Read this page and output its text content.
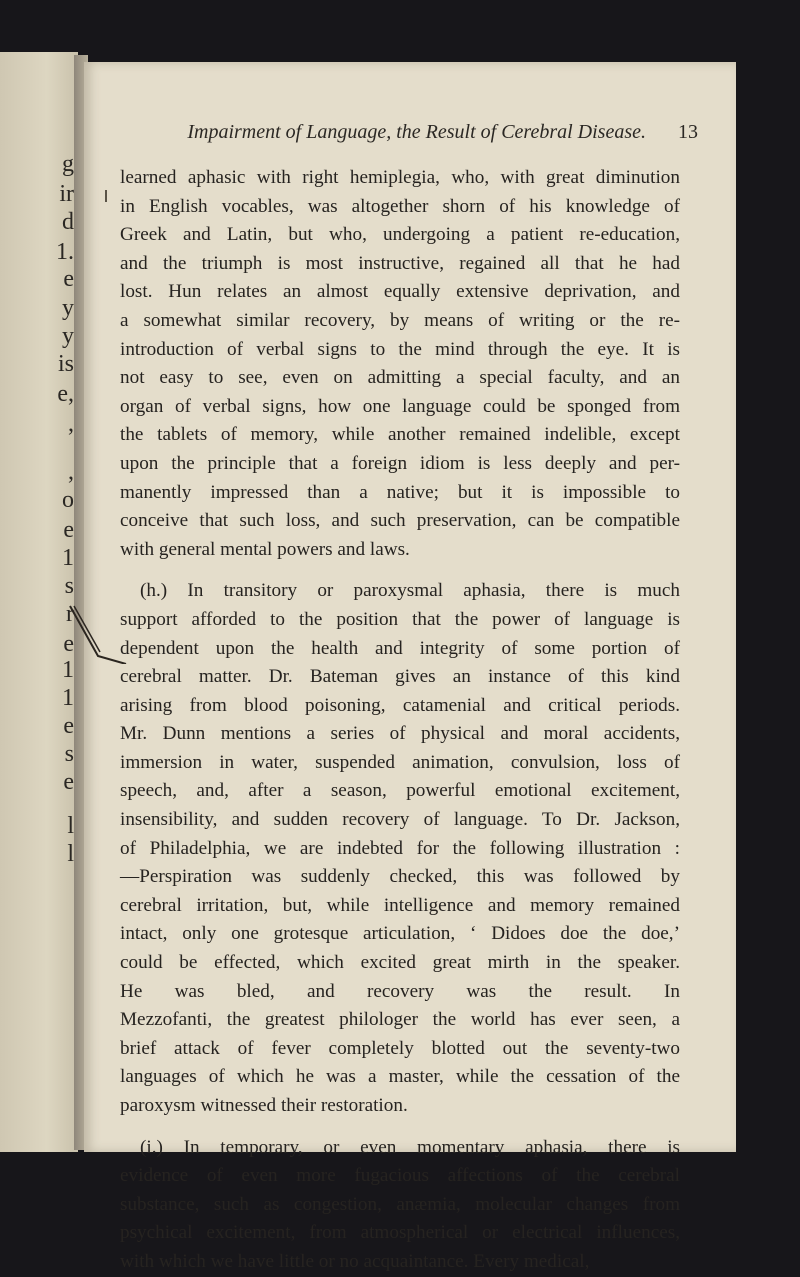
g
ir
d
1.
e
y
y
is
e,
,
,
o
e
1
s
r
e
1
1
e
s
e
l
l
Impairment of Language, the Result of Cerebral Disease. 13
learned aphasic with right hemiplegia, who, with great diminution
in English vocables, was altogether shorn of his knowledge of
Greek and Latin, but who, undergoing a patient re-education,
and the triumph is most instructive, regained all that he had
lost. Hun relates an almost equally extensive deprivation, and
a somewhat similar recovery, by means of writing or the re-
introduction of verbal signs to the mind through the eye. It is
not easy to see, even on admitting a special faculty, and an
organ of verbal signs, how one language could be sponged from
the tablets of memory, while another remained indelible, except
upon the principle that a foreign idiom is less deeply and per-
manently impressed than a native; but it is impossible to
conceive that such loss, and such preservation, can be compatible
with general mental powers and laws.
(h.) In transitory or paroxysmal aphasia, there is much
support afforded to the position that the power of language is
dependent upon the health and integrity of some portion of
cerebral matter. Dr. Bateman gives an instance of this kind
arising from blood poisoning, catamenial and critical periods.
Mr. Dunn mentions a series of physical and moral accidents,
immersion in water, suspended animation, convulsion, loss of
speech, and, after a season, powerful emotional excitement,
insensibility, and sudden recovery of language. To Dr. Jackson,
of Philadelphia, we are indebted for the following illustration :
—Perspiration was suddenly checked, this was followed by
cerebral irritation, but, while intelligence and memory remained
intact, only one grotesque articulation, ‘ Didoes doe the doe,’
could be effected, which excited great mirth in the speaker.
He was bled, and recovery was the result. In
Mezzofanti, the greatest philologer the world has ever seen, a
brief attack of fever completely blotted out the seventy-two
languages of which he was a master, while the cessation of the
paroxysm witnessed their restoration.
(i.) In temporary, or even momentary aphasia, there is
evidence of even more fugacious affections of the cerebral
substance, such as congestion, anæmia, molecular changes from
psychical excitement, from atmospherical or electrical influences,
with which we have little or no acquaintance. Every medical,
